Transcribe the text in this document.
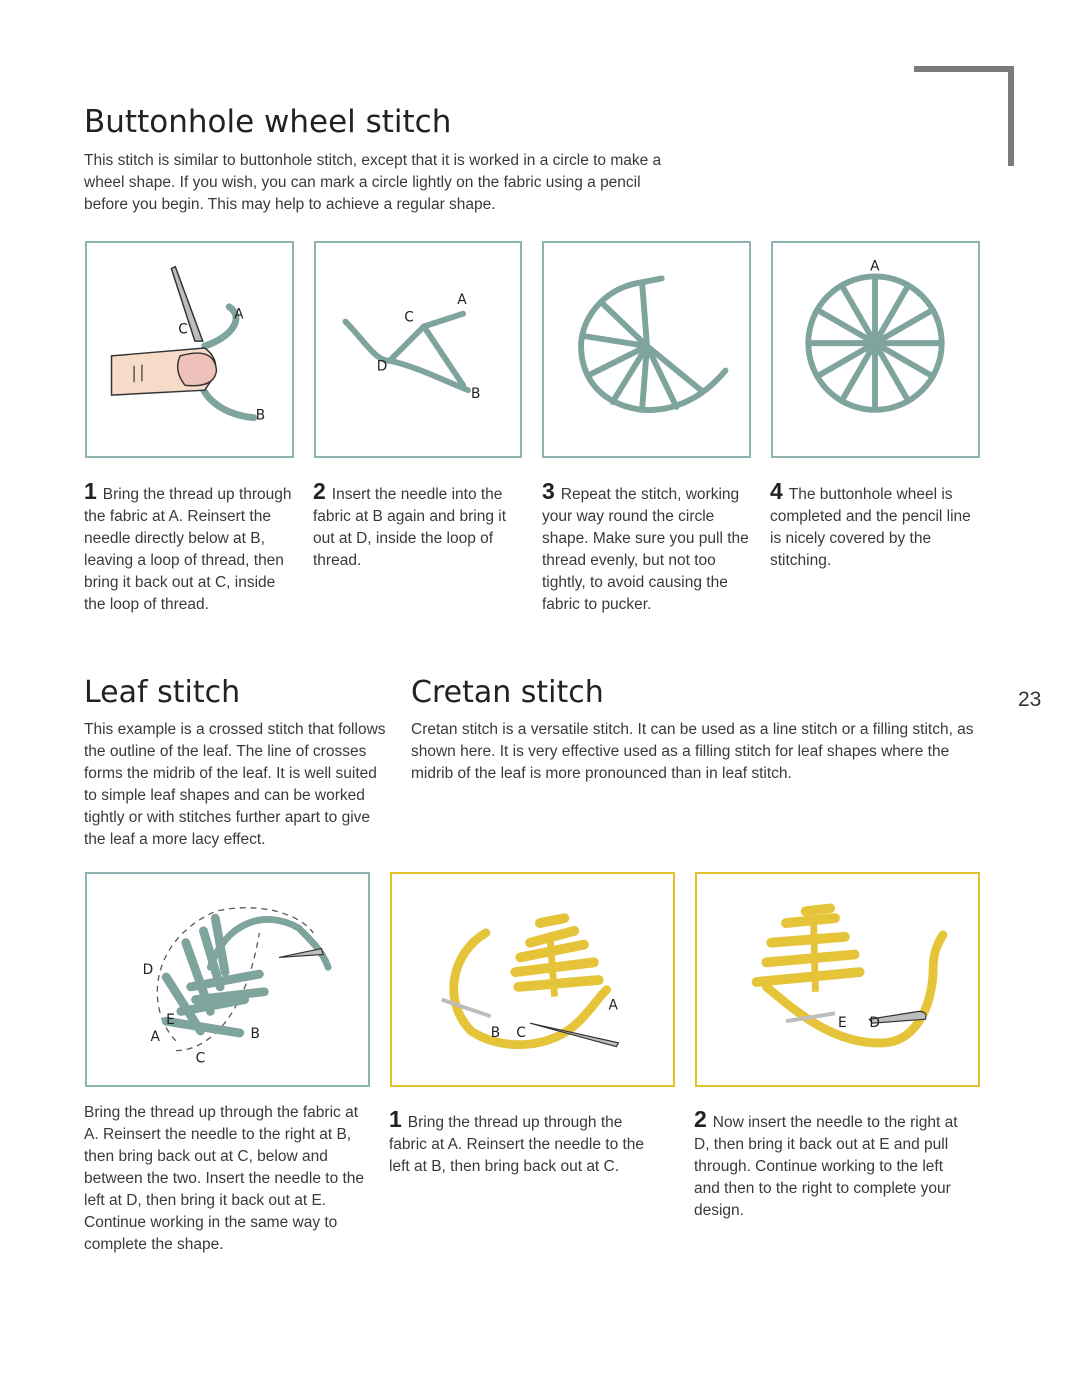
23
Buttonhole wheel stitch
This stitch is similar to buttonhole stitch, except that it is worked in a circle to make a wheel shape. If you wish, you can mark a circle lightly on the fabric using a pencil before you begin. This may help to achieve a regular shape.
A
B
C
A
B
C
D
A

1 Bring the thread up through the fabric at A. Reinsert the needle directly below at B, leaving a loop of thread, then bring it back out at C, inside the loop of thread.

2 Insert the needle into the fabric at B again and bring it out at D, inside the loop of thread.

3 Repeat the stitch, working your way round the circle shape. Make sure you pull the thread evenly, but not too tightly, to avoid causing the fabric to pucker.

4 The buttonhole wheel is completed and the pencil line is nicely covered by the stitching.

Leaf stitch
This example is a crossed stitch that follows the outline of the leaf. The line of crosses forms the midrib of the leaf. It is well suited to simple leaf shapes and can be worked tightly or with stitches further apart to give the leaf a more lacy effect.
Cretan stitch
Cretan stitch is a versatile stitch. It can be used as a line stitch or a filling stitch, as shown here. It is very effective used as a filling stitch for leaf shapes where the midrib of the leaf is more pronounced than in leaf stitch.
A	B
C
D
E
A
B C
E D
Bring the thread up through the fabric at A. Reinsert the needle to the right at B, then bring back out at C, below and between the two. Insert the needle to the left at D, then bring it back out at E. Continue working in the same way to complete the shape.

1 Bring the thread up through the fabric at A. Reinsert the needle to the left at B, then bring back out at C.

2 Now insert the needle to the right at D, then bring it back out at E and pull through. Continue working to the left and then to the right to complete your design.
